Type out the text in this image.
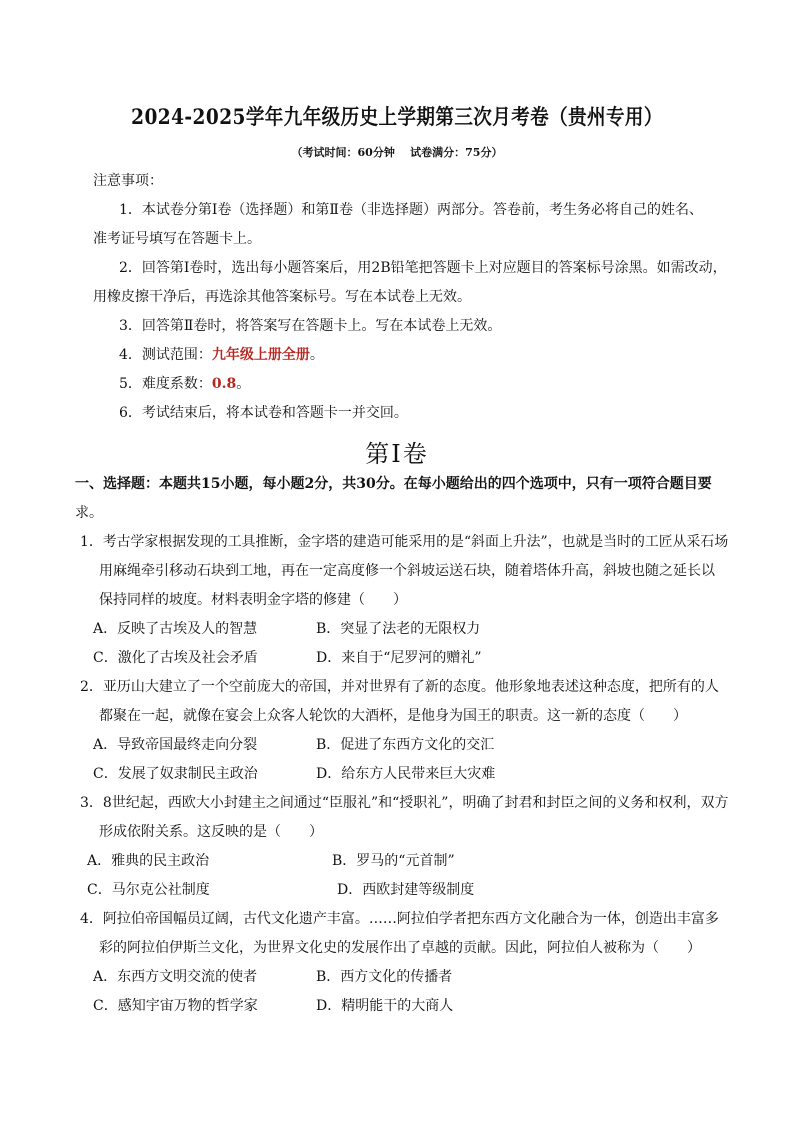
2024-2025学年九年级历史上学期第三次月考卷（贵州专用）
（考试时间：60分钟    试卷满分：75分）
注意事项：
1．本试卷分第Ⅰ卷（选择题）和第Ⅱ卷（非选择题）两部分。答卷前，考生务必将自己的姓名、
准考证号填写在答题卡上。
2．回答第Ⅰ卷时，选出每小题答案后，用2B铅笔把答题卡上对应题目的答案标号涂黑。如需改动，
用橡皮擦干净后，再选涂其他答案标号。写在本试卷上无效。
3．回答第Ⅱ卷时，将答案写在答题卡上。写在本试卷上无效。
4．测试范围：九年级上册全册。
5．难度系数：0.8。
6．考试结束后，将本试卷和答题卡一并交回。
第Ⅰ卷
一、选择题：本题共15小题，每小题2分，共30分。在每小题给出的四个选项中，只有一项符合题目要
求。
1．考古学家根据发现的工具推断，金字塔的建造可能采用的是“斜面上升法”，也就是当时的工匠从采石场
用麻绳牵引移动石块到工地，再在一定高度修一个斜坡运送石块，随着塔体升高，斜坡也随之延长以
保持同样的坡度。材料表明金字塔的修建（　　）
A．反映了古埃及人的智慧	B．突显了法老的无限权力
C．激化了古埃及社会矛盾	D．来自于“尼罗河的赠礼”
2．亚历山大建立了一个空前庞大的帝国，并对世界有了新的态度。他形象地表述这种态度，把所有的人
都聚在一起，就像在宴会上众客人轮饮的大酒杯，是他身为国王的职责。这一新的态度（　　）
A．导致帝国最终走向分裂	B．促进了东西方文化的交汇
C．发展了奴隶制民主政治	D．给东方人民带来巨大灾难
3．8世纪起，西欧大小封建主之间通过“臣服礼”和“授职礼”，明确了封君和封臣之间的义务和权利，双方
形成依附关系。这反映的是（　　）
A．雅典的民主政治	B．罗马的“元首制”
C．马尔克公社制度	D．西欧封建等级制度
4．阿拉伯帝国幅员辽阔，古代文化遗产丰富。……阿拉伯学者把东西方文化融合为一体，创造出丰富多
彩的阿拉伯伊斯兰文化，为世界文化史的发展作出了卓越的贡献。因此，阿拉伯人被称为（　　）
A．东西方文明交流的使者	B．西方文化的传播者
C．感知宇宙万物的哲学家	D．精明能干的大商人
